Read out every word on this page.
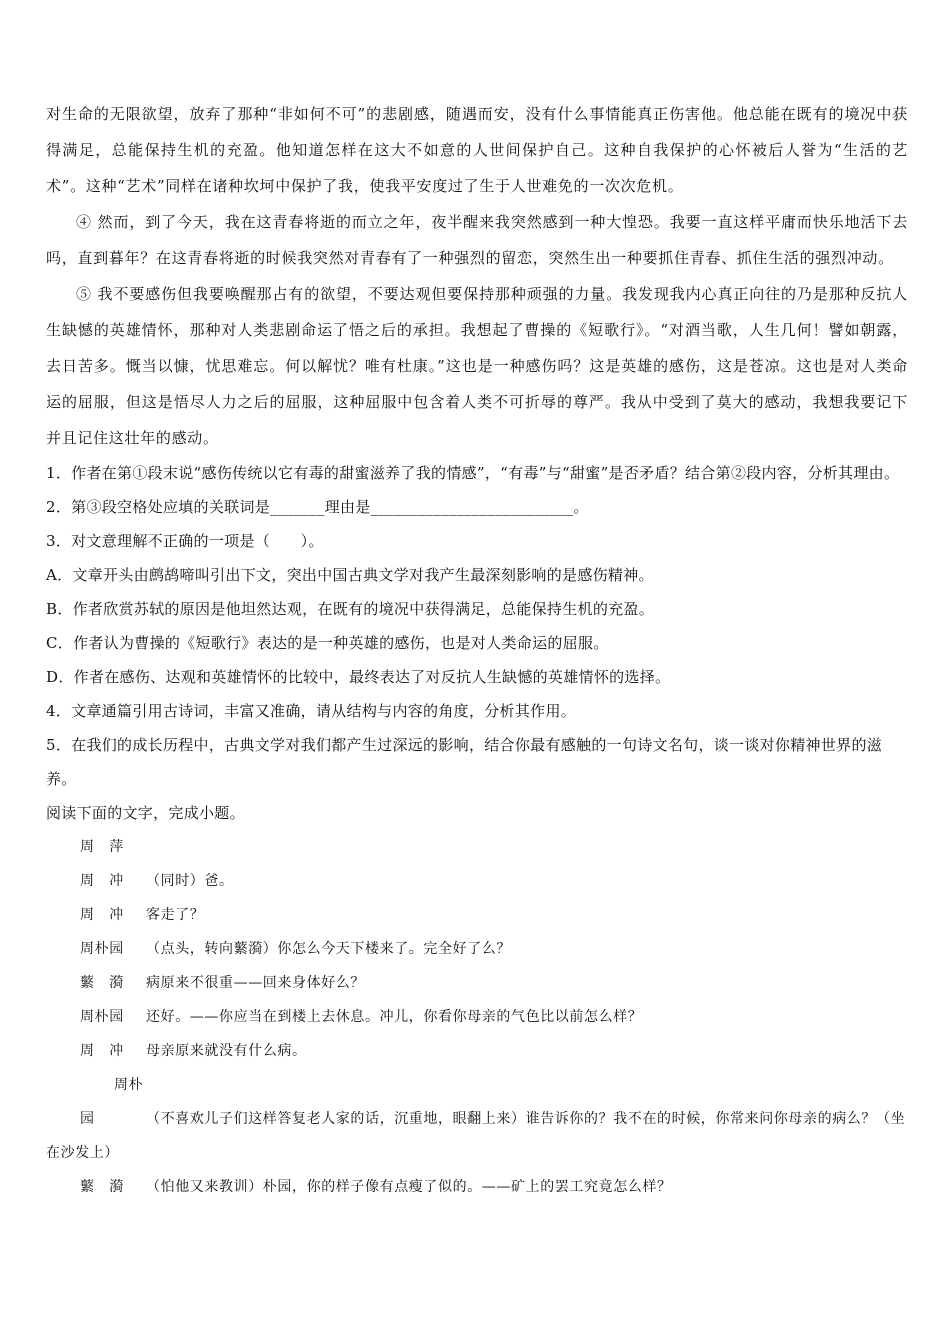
对生命的无限欲望，放弃了那种“非如何不可”的悲剧感，随遇而安，没有什么事情能真正伤害他。他总能在既有的境况中获得满足，总能保持生机的充盈。他知道怎样在这大不如意的人世间保护自己。这种自我保护的心怀被后人誉为“生活的艺术”。这种“艺术”同样在诸种坎坷中保护了我，使我平安度过了生于人世难免的一次次危机。

④ 然而，到了今天，我在这青春将逝的而立之年，夜半醒来我突然感到一种大惶恐。我要一直这样平庸而快乐地活下去吗，直到暮年？在这青春将逝的时候我突然对青春有了一种强烈的留恋，突然生出一种要抓住青春、抓住生活的强烈冲动。

⑤ 我不要感伤但我要唤醒那占有的欲望，不要达观但要保持那种顽强的力量。我发现我内心真正向往的乃是那种反抗人生缺憾的英雄情怀，那种对人类悲剧命运了悟之后的承担。我想起了曹操的《短歌行》。“对酒当歌，人生几何！譬如朝露，去日苦多。慨当以慷，忧思难忘。何以解忧？唯有杜康。”这也是一种感伤吗？这是英雄的感伤，这是苍凉。这也是对人类命运的屈服，但这是悟尽人力之后的屈服，这种屈服中包含着人类不可折辱的尊严。我从中受到了莫大的感动，我想我要记下并且记住这壮年的感动。

1．作者在第①段末说“感伤传统以它有毒的甜蜜滋养了我的情感”，“有毒”与“甜蜜”是否矛盾？结合第②段内容，分析其理由。

2．第③段空格处应填的关联词是_______理由是__________________________。

3．对文意理解不正确的一项是（　　）。

A．文章开头由鹧鸪啼叫引出下文，突出中国古典文学对我产生最深刻影响的是感伤精神。

B．作者欣赏苏轼的原因是他坦然达观，在既有的境况中获得满足，总能保持生机的充盈。

C．作者认为曹操的《短歌行》表达的是一种英雄的感伤，也是对人类命运的屈服。

D．作者在感伤、达观和英雄情怀的比较中，最终表达了对反抗人生缺憾的英雄情怀的选择。

4．文章通篇引用古诗词，丰富又准确，请从结构与内容的角度，分析其作用。

5．在我们的成长历程中，古典文学对我们都产生过深远的影响，结合你最有感触的一句诗文名句，谈一谈对你精神世界的滋养。

阅读下面的文字，完成小题。

周　萍

周　冲 （同时）爸。

周　冲 客走了？

周朴园 （点头，转向蘩漪）你怎么今天下楼来了。完全好了么？

蘩　漪 病原来不很重——回来身体好么？

周朴园 还好。——你应当在到楼上去休息。冲儿，你看你母亲的气色比以前怎么样？

周　冲 母亲原来就没有什么病。

周朴园	（不喜欢儿子们这样答复老人家的话，沉重地，眼翻上来）谁告诉你的？我不在的时候，你常来问你母亲的病么？（坐在沙发上）

蘩　漪 （怕他又来教训）朴园，你的样子像有点瘦了似的。——矿上的罢工究竟怎么样？
